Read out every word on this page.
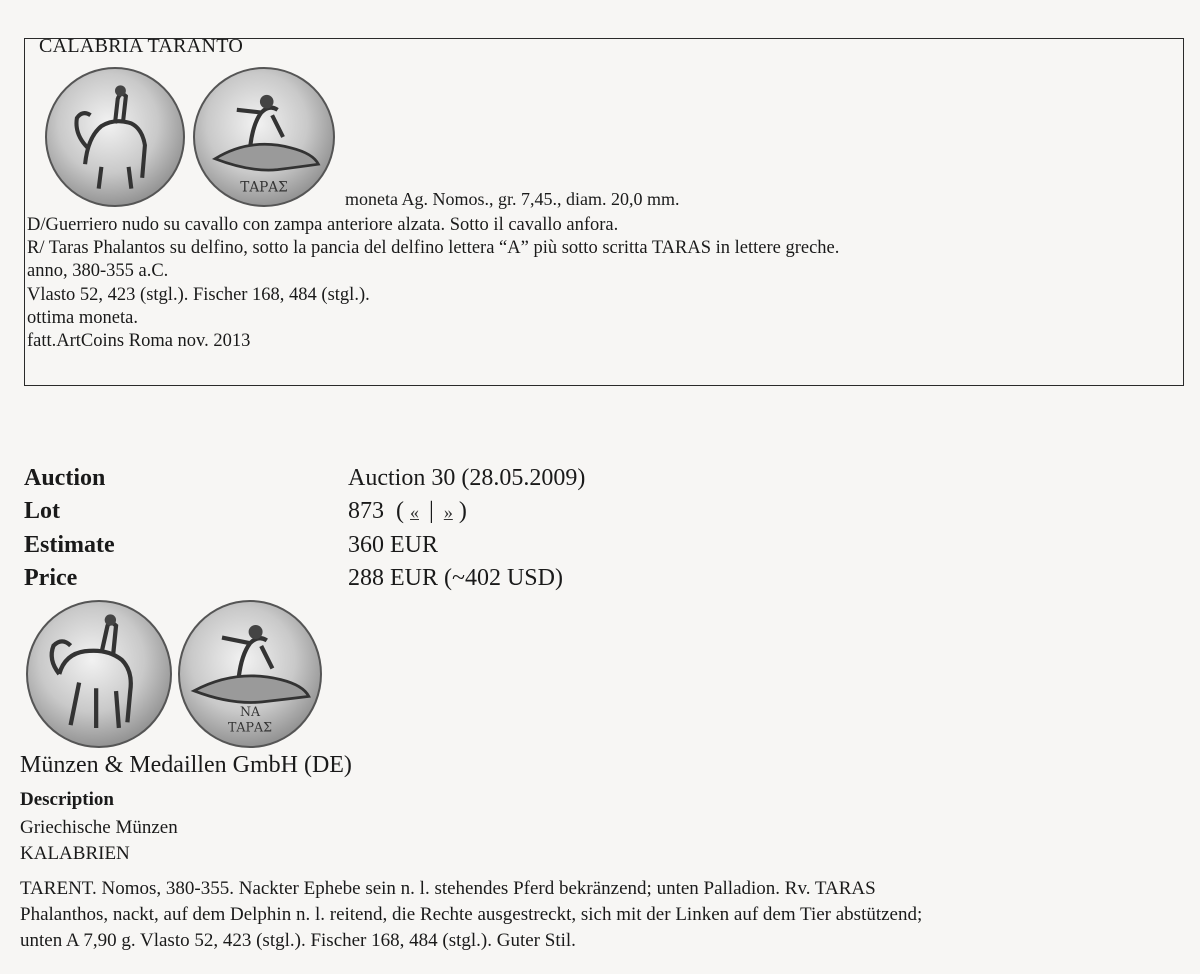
CALABRIA TARANTO
ΤΑΡΑΣ
moneta Ag. Nomos., gr. 7,45., diam. 20,0 mm.
D/Guerriero nudo su cavallo con zampa anteriore alzata. Sotto il cavallo anfora.
R/ Taras Phalantos su delfino, sotto la pancia del delfino lettera “A” più sotto scritta TARAS in lettere greche.
anno, 380-355 a.C.
Vlasto 52, 423 (stgl.). Fischer 168, 484 (stgl.).
ottima moneta.
fatt.ArtCoins Roma nov. 2013
Auction
Lot
Estimate
Price
Auction 30 (28.05.2009)
873 ( « | » )
360 EUR
288 EUR (~402 USD)
ΝΑ
ΤΑΡΑΣ
Münzen & Medaillen GmbH (DE)
Description
Griechische Münzen
KALABRIEN
TARENT. Nomos, 380-355. Nackter Ephebe sein n. l. stehendes Pferd bekränzend; unten Palladion. Rv. TARAS
Phalanthos, nackt, auf dem Delphin n. l. reitend, die Rechte ausgestreckt, sich mit der Linken auf dem Tier abstützend;
unten A 7,90 g. Vlasto 52, 423 (stgl.). Fischer 168, 484 (stgl.). Guter Stil.
